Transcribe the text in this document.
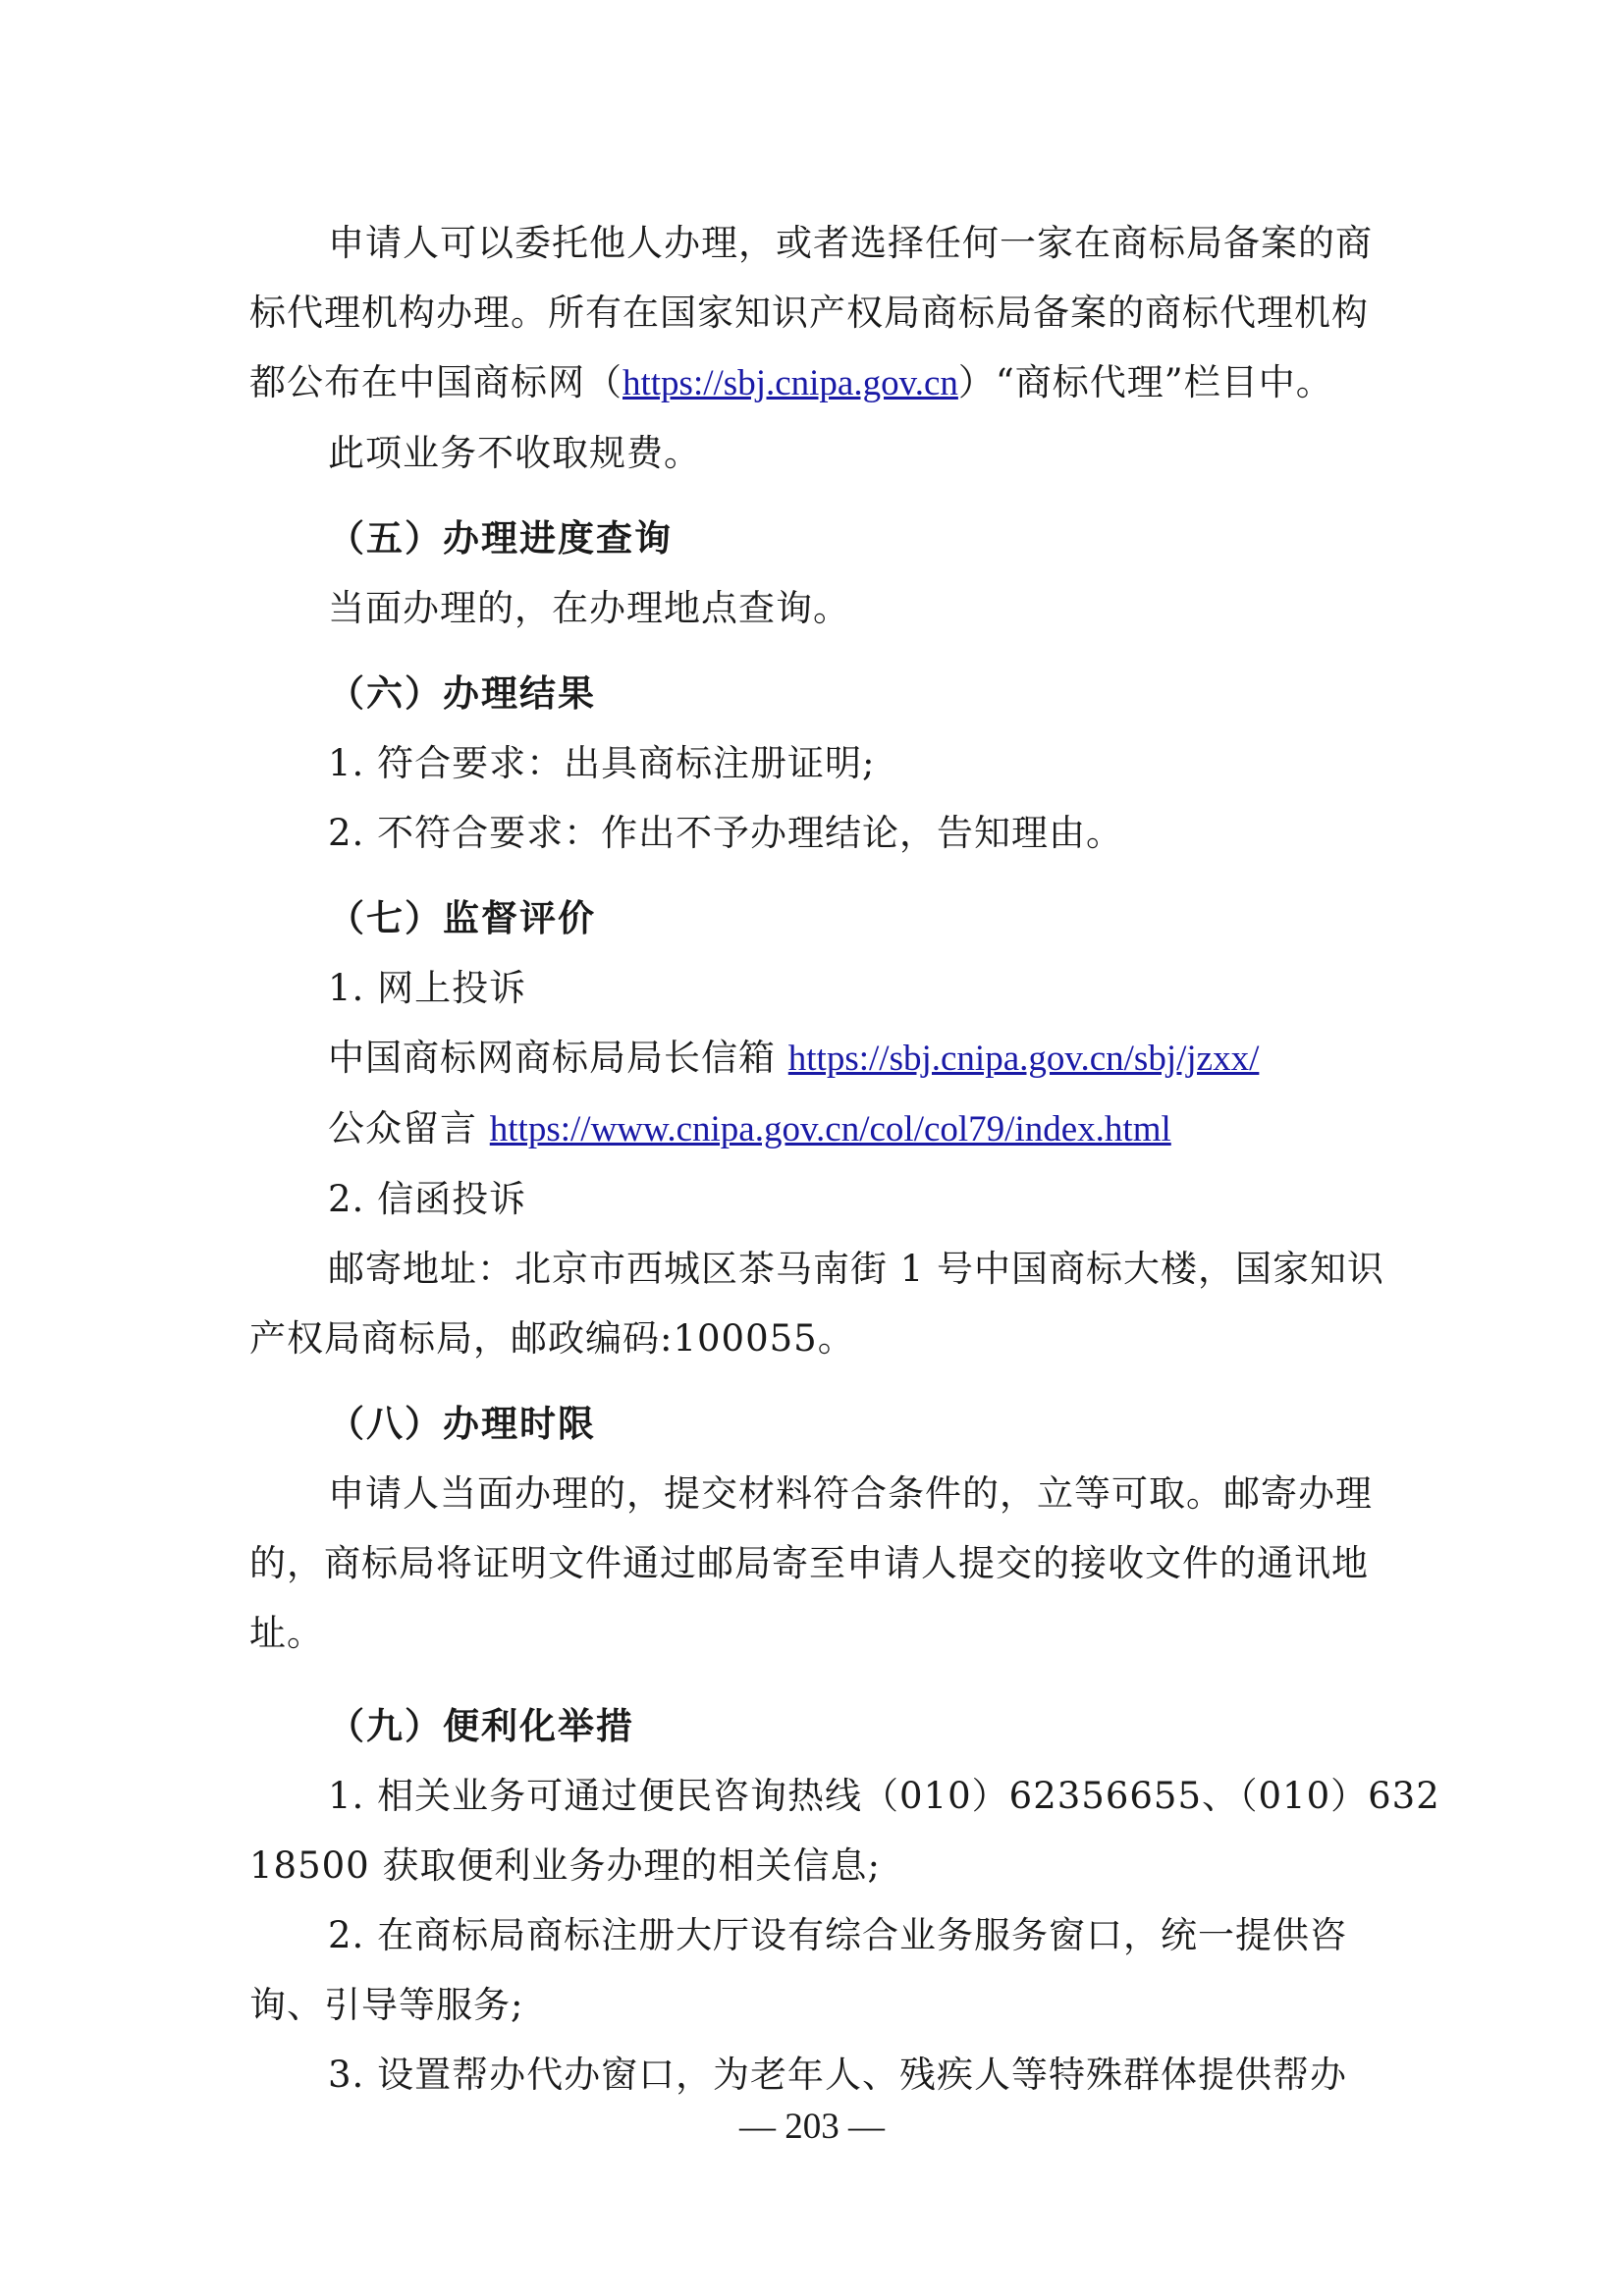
申请人可以委托他人办理，或者选择任何一家在商标局备案的商

标代理机构办理。所有在国家知识产权局商标局备案的商标代理机构

都公布在中国商标网（https://sbj.cnipa.gov.cn）“商标代理”栏目中。

此项业务不收取规费。

（五）办理进度查询

当面办理的，在办理地点查询。

（六）办理结果

1. 符合要求：出具商标注册证明;

2. 不符合要求：作出不予办理结论，告知理由。

（七）监督评价

1. 网上投诉

中国商标网商标局局长信箱 https://sbj.cnipa.gov.cn/sbj/jzxx/

公众留言 https://www.cnipa.gov.cn/col/col79/index.html

2. 信函投诉

邮寄地址：北京市西城区茶马南街 1 号中国商标大楼，国家知识

产权局商标局，邮政编码:100055。

（八）办理时限

申请人当面办理的，提交材料符合条件的，立等可取。邮寄办理

的，商标局将证明文件通过邮局寄至申请人提交的接收文件的通讯地

址。

（九）便利化举措

1. 相关业务可通过便民咨询热线（010）62356655、（010）632

18500 获取便利业务办理的相关信息;

2. 在商标局商标注册大厅设有综合业务服务窗口，统一提供咨

询、引导等服务;

3. 设置帮办代办窗口，为老年人、残疾人等特殊群体提供帮办

— 203 —
